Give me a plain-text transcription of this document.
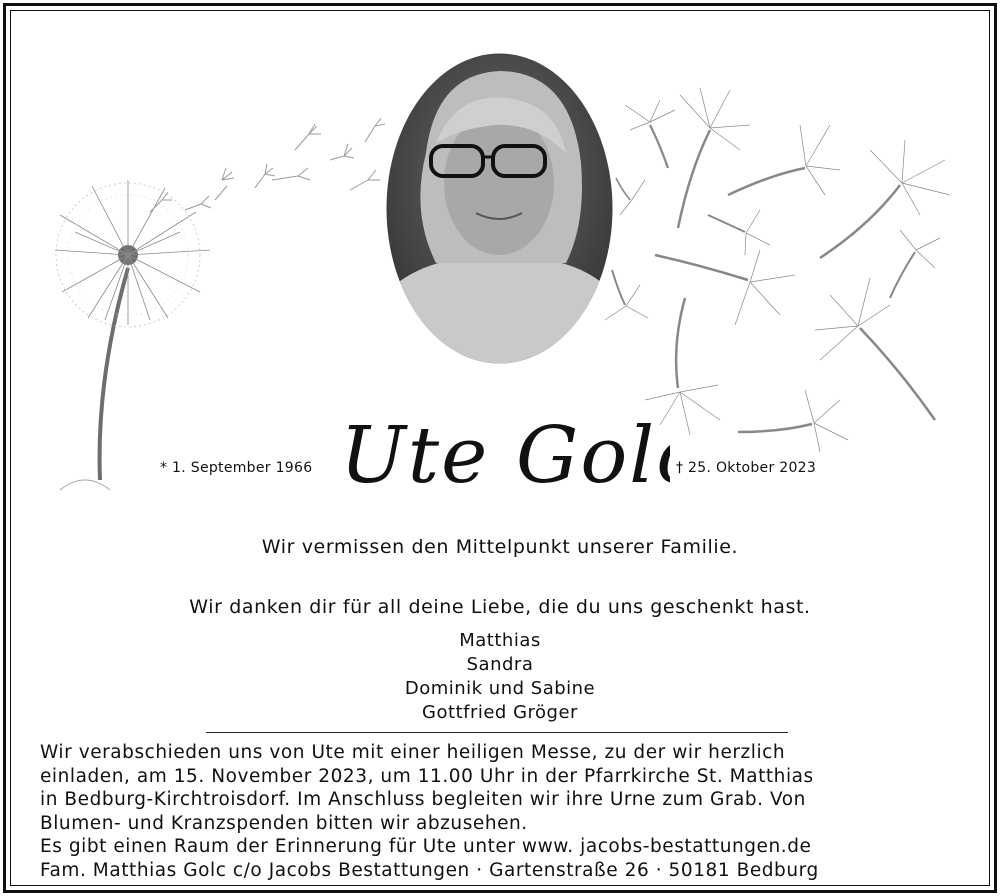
Ute Golc
* 1. September 1966	† 25. Oktober 2023
Wir vermissen den Mittelpunkt unserer Familie.
Wir danken dir für all deine Liebe, die du uns geschenkt hast.
Matthias
Sandra
Dominik und Sabine
Gottfried Gröger
Wir verabschieden uns von Ute mit einer heiligen Messe, zu der wir herzlich
einladen, am 15. November 2023, um 11.00 Uhr in der Pfarrkirche St. Matthias
in Bedburg-Kirchtroisdorf. Im Anschluss begleiten wir ihre Urne zum Grab. Von
Blumen- und Kranzspenden bitten wir abzusehen.
Es gibt einen Raum der Erinnerung für Ute unter www. jacobs-bestattungen.de
Fam. Matthias Golc c/o Jacobs Bestattungen · Gartenstraße 26 · 50181 Bedburg
